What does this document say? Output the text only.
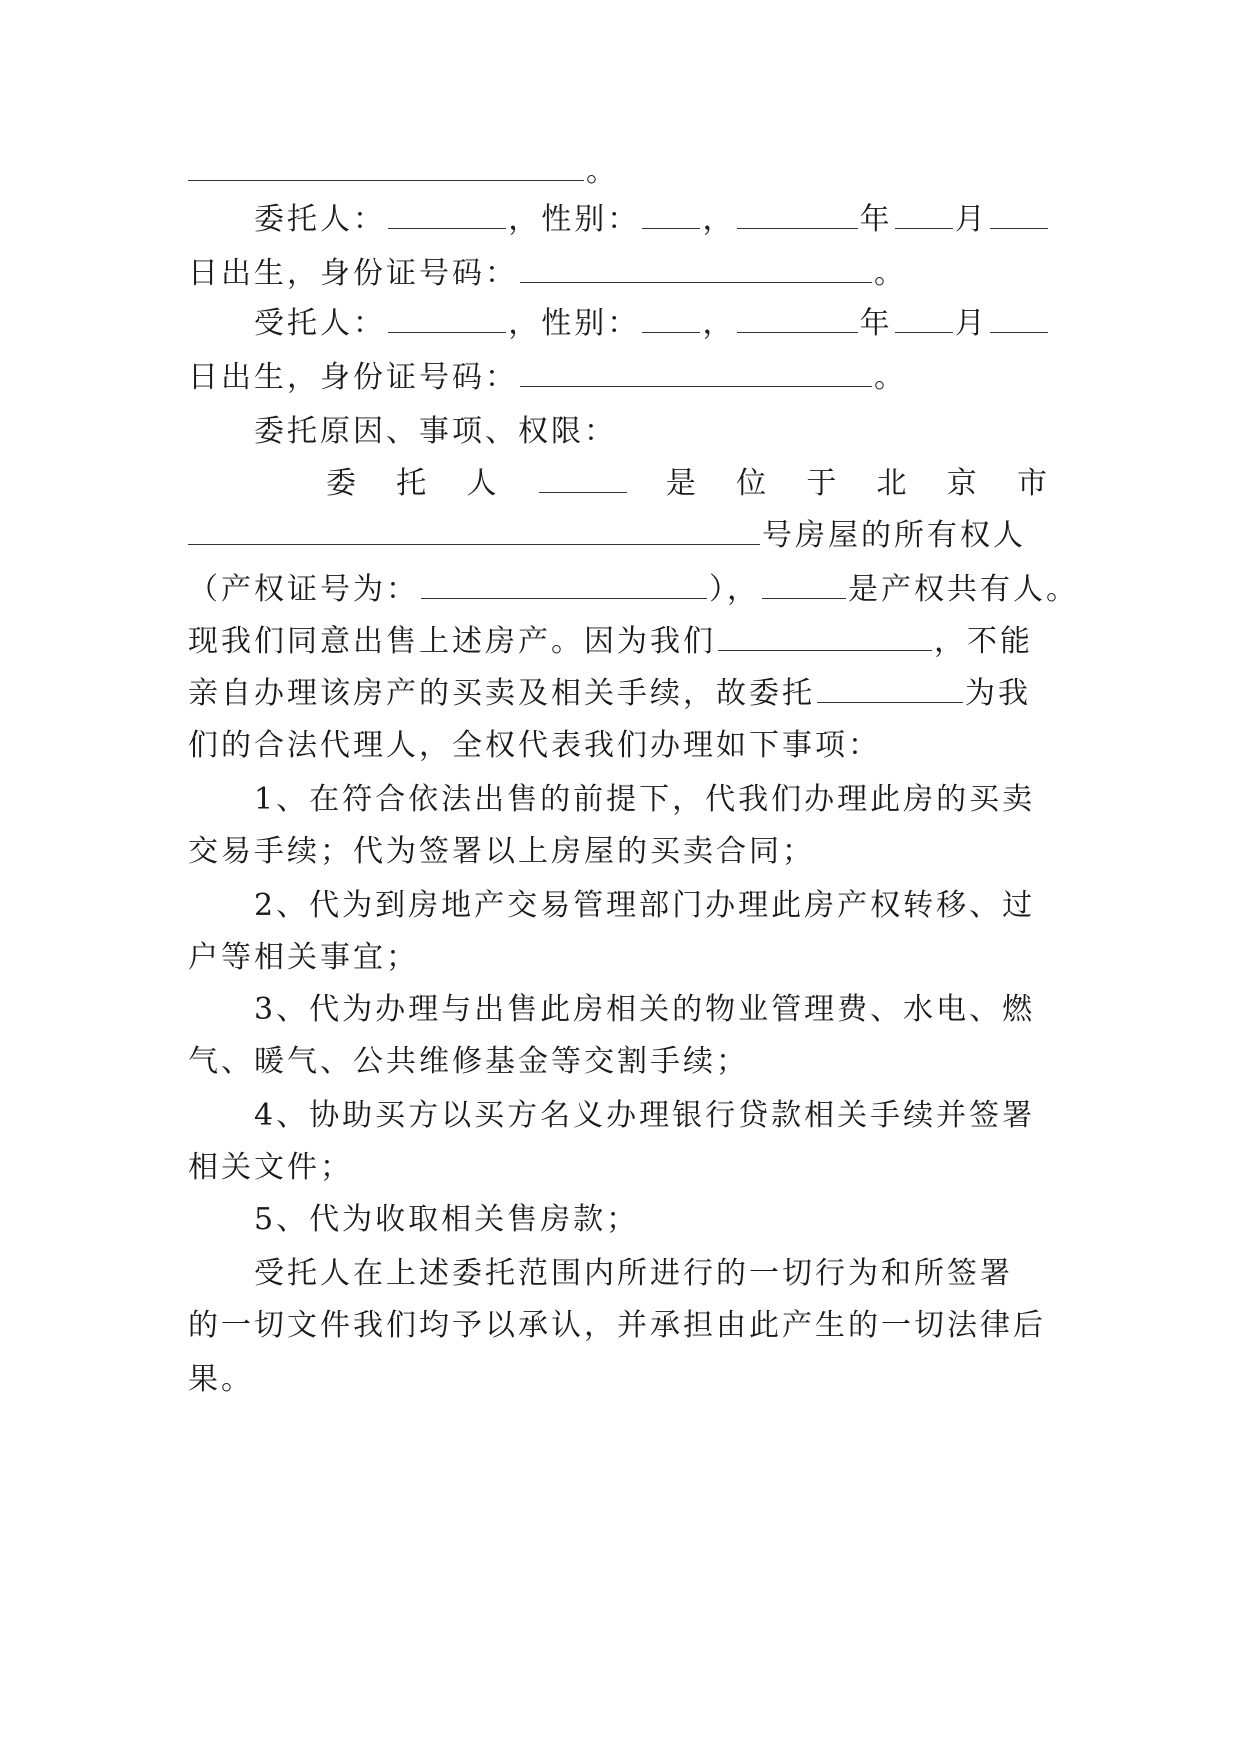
。
委托人：	，性别： ，	年 月
日出生，身份证号码：	。
受托人：	，性别： ，	年 月
日出生，身份证号码：	。
委托原因、事项、权限：
委 托 人	是 位 于 北 京 市
号房屋的所有权人
（产权证号为：	），	是产权共有人。
现我们同意出售上述房产。因为我们	，不能
亲自办理该房产的买卖及相关手续，故委托	为我
们的合法代理人，全权代表我们办理如下事项：
1、在符合依法出售的前提下，代我们办理此房的买卖
交易手续；代为签署以上房屋的买卖合同；
2、代为到房地产交易管理部门办理此房产权转移、过
户等相关事宜；
3、代为办理与出售此房相关的物业管理费、水电、燃
气、暖气、公共维修基金等交割手续；
4、协助买方以买方名义办理银行贷款相关手续并签署
相关文件；
5、代为收取相关售房款；
受托人在上述委托范围内所进行的一切行为和所签署
的一切文件我们均予以承认，并承担由此产生的一切法律后
果。
